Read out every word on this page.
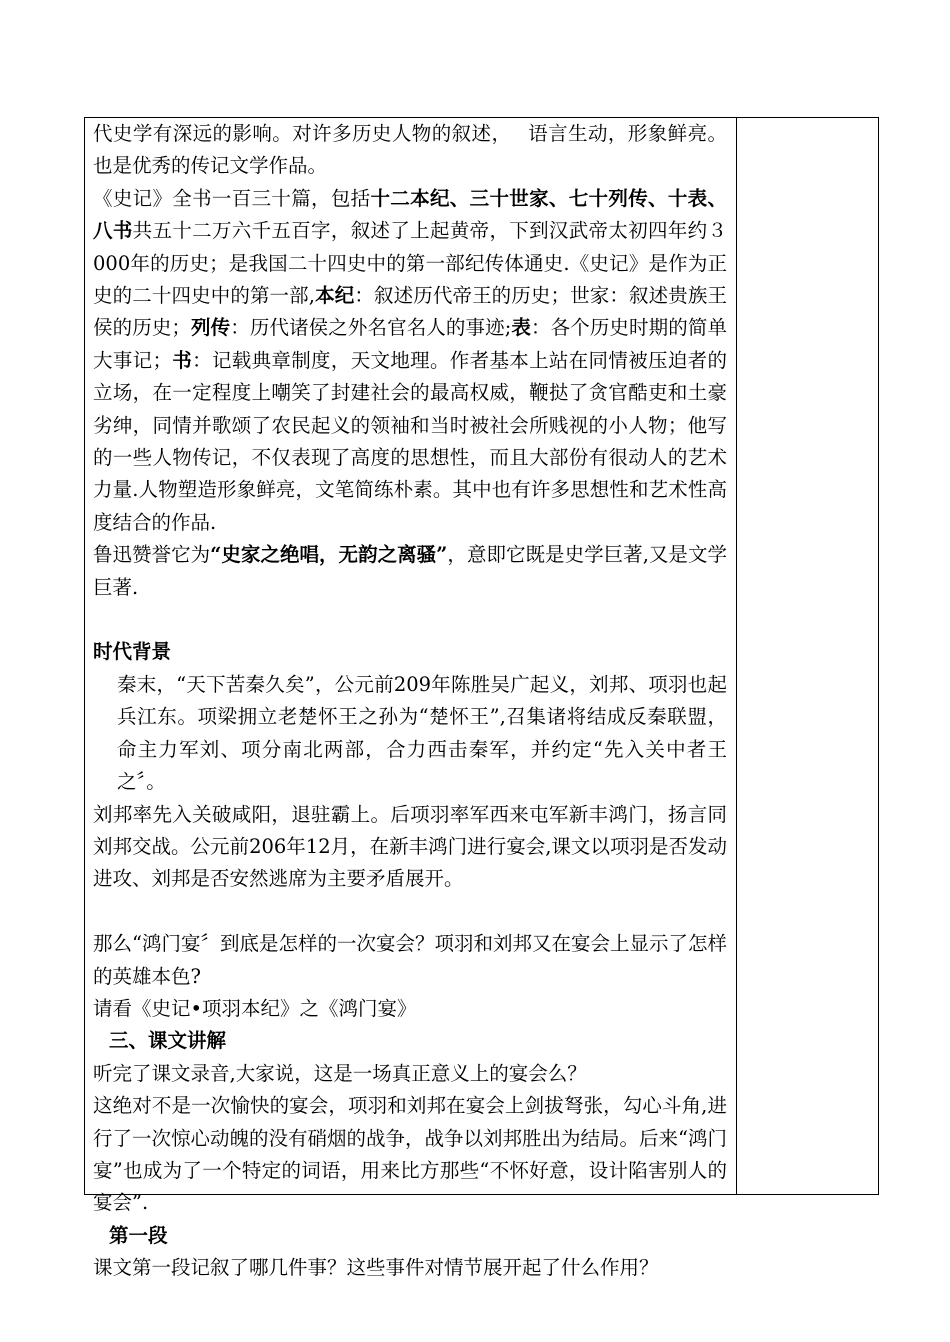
代史学有深远的影响。对许多历史人物的叙述，　 语言生动，形象鲜亮。也是优秀的传记文学作品。

《史记》全书一百三十篇，包括十二本纪、三十世家、七十列传、十表、八书共五十二万六千五百字，叙述了上起黄帝，下到汉武帝太初四年约３ 000年的历史；是我国二十四史中的第一部纪传体通史.《史记》是作为正史的二十四史中的第一部,本纪：叙述历代帝王的历史；世家：叙述贵族王侯的历史；列传：历代诸侯之外名官名人的事迹;表：各个历史时期的简单大事记；书：记载典章制度，天文地理。作者基本上站在同情被压迫者的立场，在一定程度上嘲笑了封建社会的最高权威，鞭挞了贪官酷吏和土豪劣绅，同情并歌颂了农民起义的领袖和当时被社会所贱视的小人物；他写的一些人物传记，不仅表现了高度的思想性，而且大部份有很动人的艺术力量.人物塑造形象鲜亮，文笔简练朴素。其中也有许多思想性和艺术性高度结合的作品.

鲁迅赞誉它为“史家之绝唱，无韵之离骚”，意即它既是史学巨著,又是文学巨著.

时代背景

秦末，“天下苦秦久矣”，公元前209年陈胜吴广起义，刘邦、项羽也起兵江东。项梁拥立老楚怀王之孙为“楚怀王”,召集诸将结成反秦联盟，命主力军刘、项分南北两部，合力西击秦军，并约定“先入关中者王之〞。

刘邦率先入关破咸阳，退驻霸上。后项羽率军西来屯军新丰鸿门，扬言同刘邦交战。公元前206年12月，在新丰鸿门进行宴会,课文以项羽是否发动进攻、刘邦是否安然逃席为主要矛盾展开。

那么“鸿门宴〞到底是怎样的一次宴会？项羽和刘邦又在宴会上显示了怎样的英雄本色?

请看《史记•项羽本纪》之《鸿门宴》

三、课文讲解

听完了课文录音,大家说，这是一场真正意义上的宴会么？

这绝对不是一次愉快的宴会，项羽和刘邦在宴会上剑拔弩张，勾心斗角,进行了一次惊心动魄的没有硝烟的战争，战争以刘邦胜出为结局。后来“鸿门宴”也成为了一个特定的词语，用来比方那些“不怀好意，设计陷害别人的宴会”.

第一段

课文第一段记叙了哪几件事？这些事件对情节展开起了什么作用？
